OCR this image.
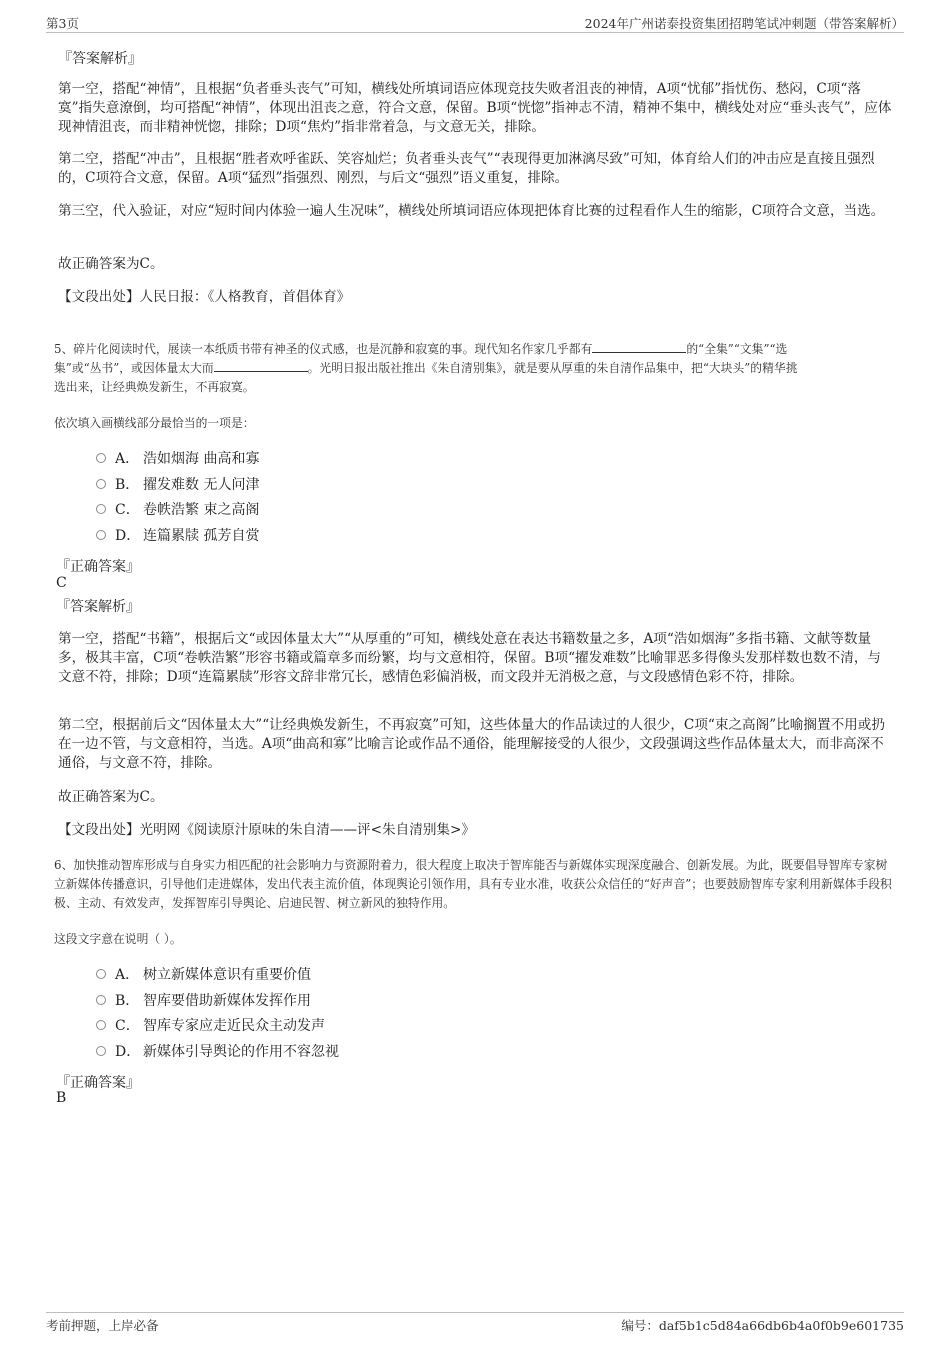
第3页	2024年广州诺泰投资集团招聘笔试冲刺题（带答案解析）
『答案解析』
第一空，搭配“神情”，且根据“负者垂头丧气”可知，横线处所填词语应体现竞技失败者沮丧的神情，A项“忧郁”指忧伤、愁闷，C项“落寞”指失意潦倒，均可搭配“神情”，体现出沮丧之意，符合文意，保留。B项“恍惚”指神志不清，精神不集中，横线处对应“垂头丧气”，应体现神情沮丧，而非精神恍惚，排除；D项“焦灼”指非常着急，与文意无关，排除。
第二空，搭配“冲击”，且根据“胜者欢呼雀跃、笑容灿烂；负者垂头丧气”“表现得更加淋漓尽致”可知，体育给人们的冲击应是直接且强烈的，C项符合文意，保留。A项“猛烈”指强烈、刚烈，与后文“强烈”语义重复，排除。
第三空，代入验证，对应“短时间内体验一遍人生况味”，横线处所填词语应体现把体育比赛的过程看作人生的缩影，C项符合文意，当选。
故正确答案为C。
【文段出处】人民日报：《人格教育，首倡体育》
5、碎片化阅读时代，展读一本纸质书带有神圣的仪式感，也是沉静和寂寞的事。现代知名作家几乎都有	的“全集”“文集”“选
集”或“丛书”，或因体量太大而	。光明日报出版社推出《朱自清别集》，就是要从厚重的朱自清作品集中，把“大块头”的精华挑
选出来，让经典焕发新生，不再寂寞。
依次填入画横线部分最恰当的一项是：
A． 浩如烟海 曲高和寡
B． 擢发难数 无人问津
C． 卷帙浩繁 束之高阁
D． 连篇累牍 孤芳自赏
『正确答案』
C
『答案解析』
第一空，搭配“书籍”，根据后文“或因体量太大”“从厚重的”可知，横线处意在表达书籍数量之多，A项“浩如烟海”多指书籍、文献等数量多，极其丰富，C项“卷帙浩繁”形容书籍或篇章多而纷繁，均与文意相符，保留。B项“擢发难数”比喻罪恶多得像头发那样数也数不清，与文意不符，排除；D项“连篇累牍”形容文辞非常冗长，感情色彩偏消极，而文段并无消极之意，与文段感情色彩不符，排除。
第二空，根据前后文“因体量太大”“让经典焕发新生，不再寂寞”可知，这些体量大的作品读过的人很少，C项“束之高阁”比喻搁置不用或扔在一边不管，与文意相符，当选。A项“曲高和寡”比喻言论或作品不通俗，能理解接受的人很少，文段强调这些作品体量太大，而非高深不通俗，与文意不符，排除。
故正确答案为C。
【文段出处】光明网《阅读原汁原味的朱自清——评<朱自清别集>》
6、加快推动智库形成与自身实力相匹配的社会影响力与资源附着力，很大程度上取决于智库能否与新媒体实现深度融合、创新发展。为此，既要倡导智库专家树立新媒体传播意识，引导他们走进媒体，发出代表主流价值，体现舆论引领作用，具有专业水准，收获公众信任的“好声音”；也要鼓励智库专家利用新媒体手段积极、主动、有效发声，发挥智库引导舆论、启迪民智、树立新风的独特作用。
这段文字意在说明（ ）。
A． 树立新媒体意识有重要价值
B． 智库要借助新媒体发挥作用
C． 智库专家应走近民众主动发声
D． 新媒体引导舆论的作用不容忽视
『正确答案』
B
考前押题，上岸必备	编号：daf5b1c5d84a66db6b4a0f0b9e601735
